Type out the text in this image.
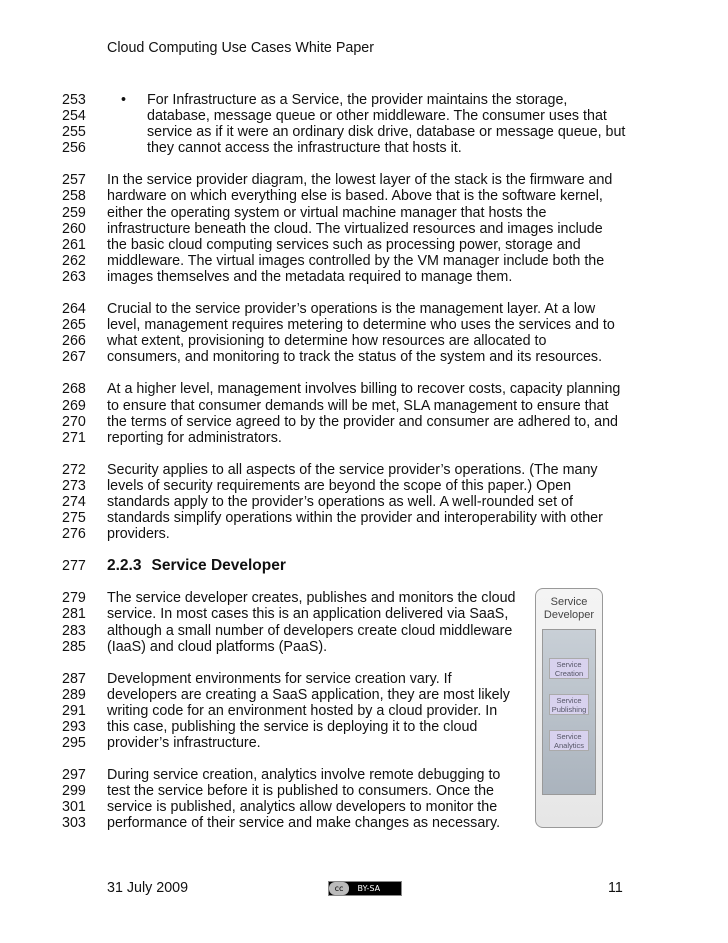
Cloud Computing Use Cases White Paper
253	• For Infrastructure as a Service, the provider maintains the storage,
254	database, message queue or other middleware. The consumer uses that
255	service as if it were an ordinary disk drive, database or message queue, but
256	they cannot access the infrastructure that hosts it.
257	In the service provider diagram, the lowest layer of the stack is the firmware and
258	hardware on which everything else is based. Above that is the software kernel,
259	either the operating system or virtual machine manager that hosts the
260	infrastructure beneath the cloud. The virtualized resources and images include
261	the basic cloud computing services such as processing power, storage and
262	middleware. The virtual images controlled by the VM manager include both the
263	images themselves and the metadata required to manage them.
264	Crucial to the service provider’s operations is the management layer. At a low
265	level, management requires metering to determine who uses the services and to
266	what extent, provisioning to determine how resources are allocated to
267	consumers, and monitoring to track the status of the system and its resources.
268	At a higher level, management involves billing to recover costs, capacity planning
269	to ensure that consumer demands will be met, SLA management to ensure that
270	the terms of service agreed to by the provider and consumer are adhered to, and
271	reporting for administrators.
272	Security applies to all aspects of the service provider’s operations. (The many
273	levels of security requirements are beyond the scope of this paper.) Open
274	standards apply to the provider’s operations as well. A well-rounded set of
275	standards simplify operations within the provider and interoperability with other
276	providers.
277	2.2.3 Service Developer
279	The service developer creates, publishes and monitors the cloud
281	service. In most cases this is an application delivered via SaaS,
283	although a small number of developers create cloud middleware
285	(IaaS) and cloud platforms (PaaS).
287	Development environments for service creation vary. If
289	developers are creating a SaaS application, they are most likely
291	writing code for an environment hosted by a cloud provider. In
293	this case, publishing the service is deploying it to the cloud
295	provider’s infrastructure.
297	During service creation, analytics involve remote debugging to
299	test the service before it is published to consumers. Once the
301	service is published, analytics allow developers to monitor the
303	performance of their service and make changes as necessary.
Service Developer
Service Creation
Service Publishing
Service Analytics
31 July 2009	cc BY-SA	11
